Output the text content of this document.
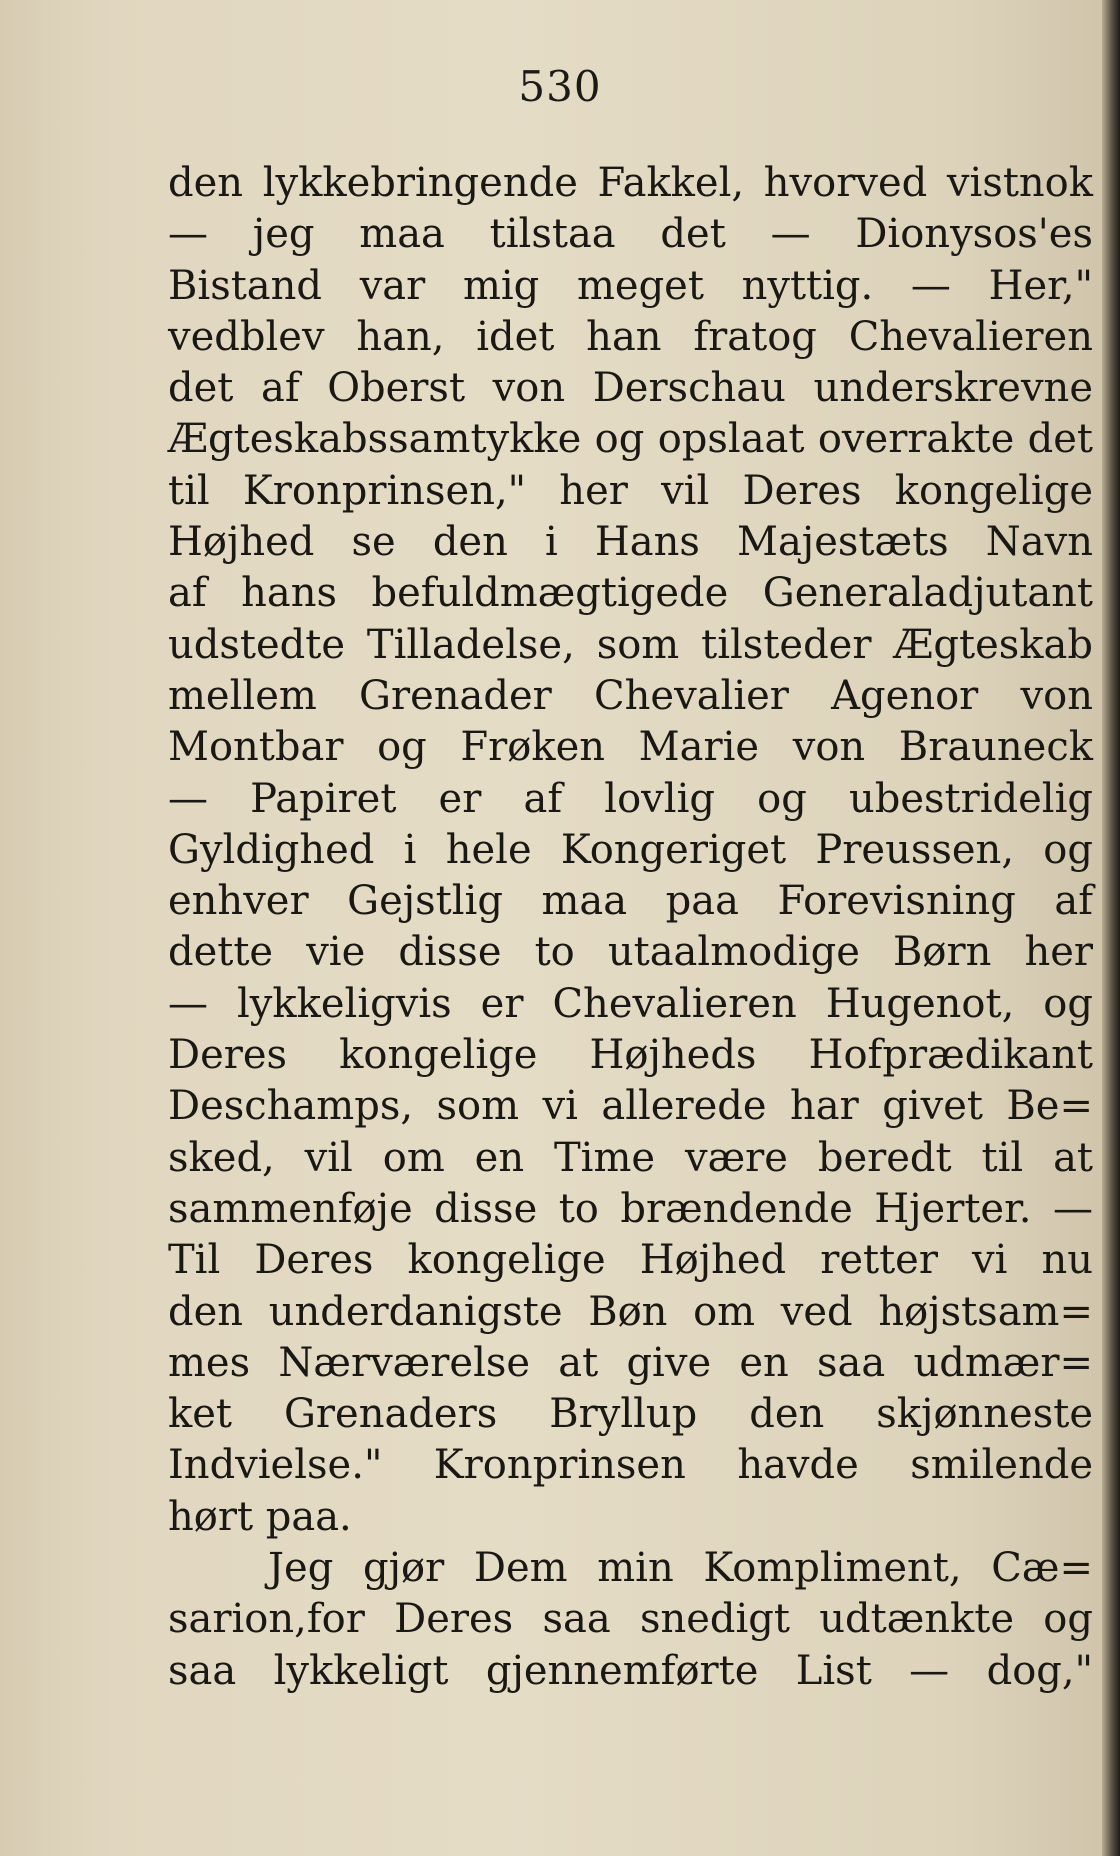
530
den lykkebringende Fakkel, hvorved vistnok
— jeg maa tilstaa det — Dionysos'es
Bistand var mig meget nyttig. — Her,"
vedblev han, idet han fratog Chevalieren
det af Oberst von Derschau underskrevne
Ægteskabssamtykke og opslaat overrakte det
til Kronprinsen," her vil Deres kongelige
Højhed se den i Hans Majestæts Navn
af hans befuldmægtigede Generaladjutant
udstedte Tilladelse, som tilsteder Ægteskab
mellem Grenader Chevalier Agenor von
Montbar og Frøken Marie von Brauneck
— Papiret er af lovlig og ubestridelig
Gyldighed i hele Kongeriget Preussen, og
enhver Gejstlig maa paa Forevisning af
dette vie disse to utaalmodige Børn her
— lykkeligvis er Chevalieren Hugenot, og
Deres kongelige Højheds Hofprædikant
Deschamps, som vi allerede har givet Be=
sked, vil om en Time være beredt til at
sammenføje disse to brændende Hjerter. —
Til Deres kongelige Højhed retter vi nu
den underdanigste Bøn om ved højstsam=
mes Nærværelse at give en saa udmær=
ket Grenaders Bryllup den skjønneste
Indvielse." Kronprinsen havde smilende
hørt paa.
Jeg gjør Dem min Kompliment, Cæ=
sarion,for Deres saa snedigt udtænkte og
saa lykkeligt gjennemførte List — dog,"
